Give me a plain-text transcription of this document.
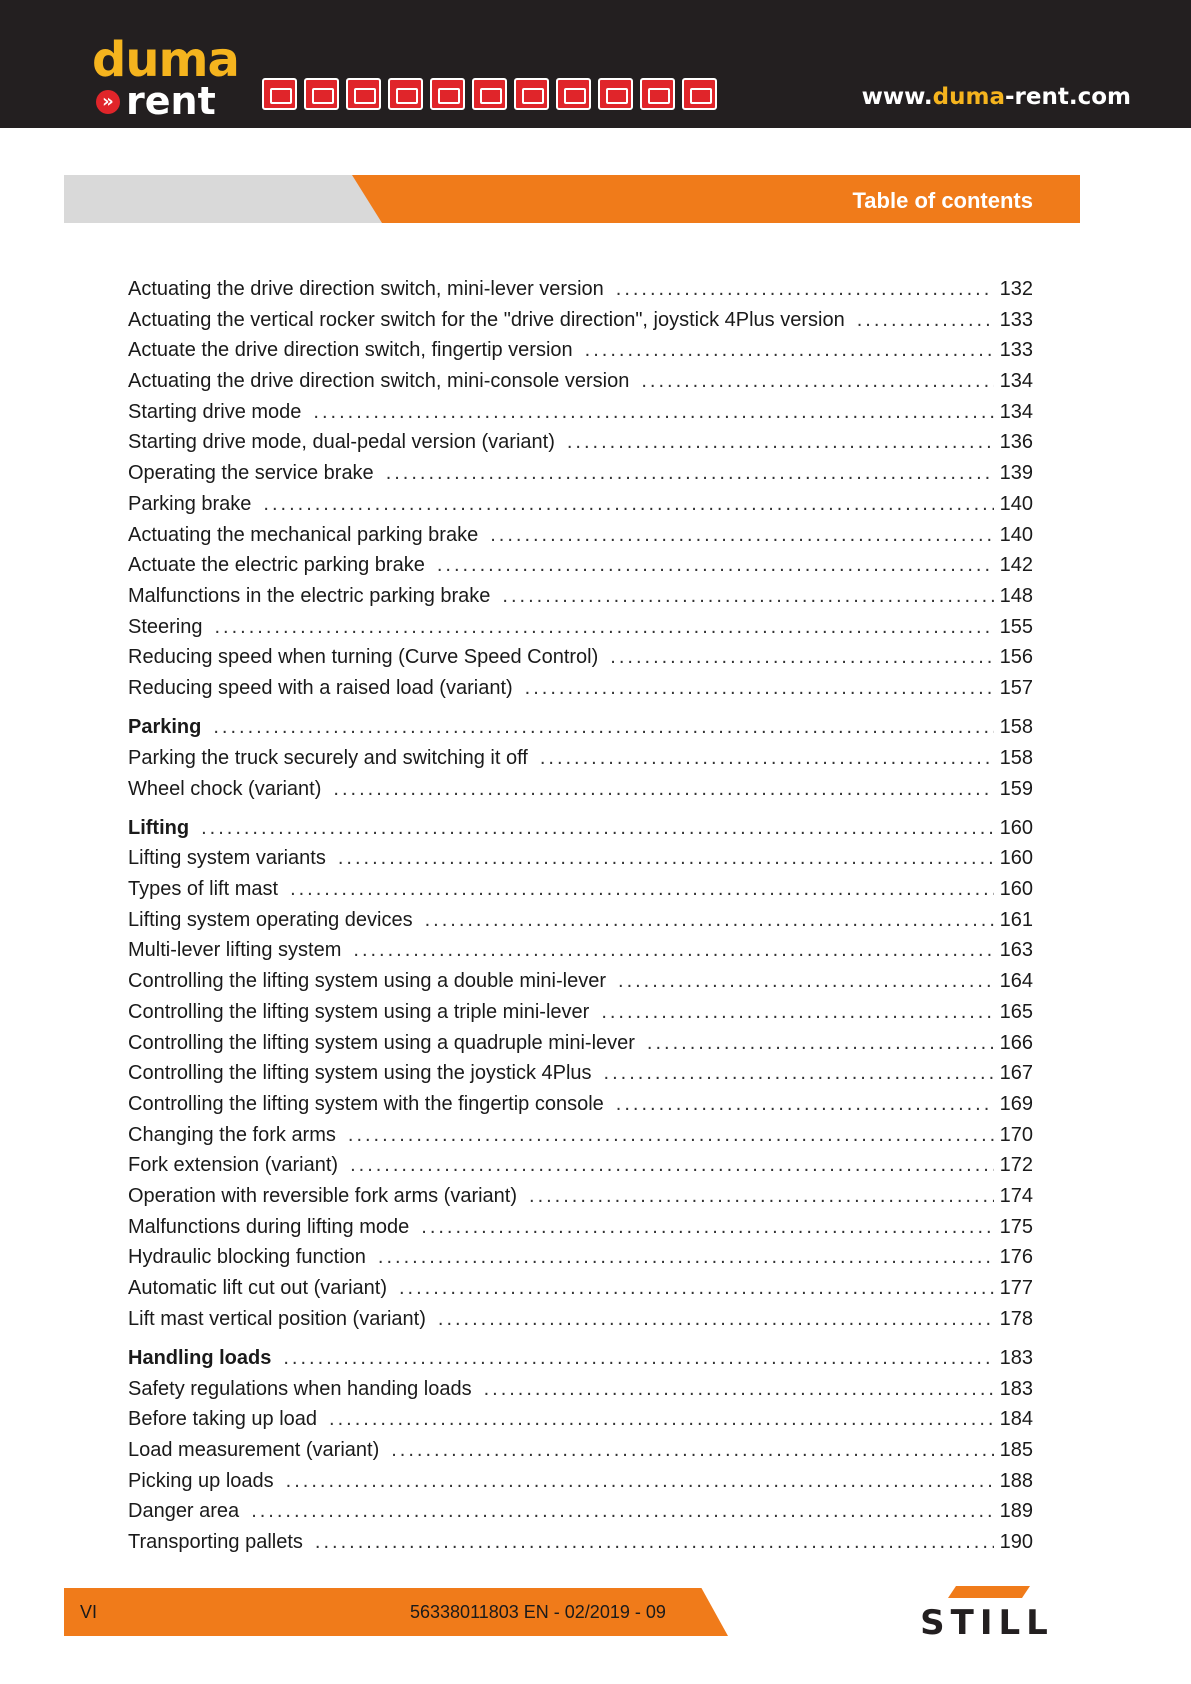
duma
» rent	www.duma-rent.com
Table of contents
Actuating the drive direction switch, mini-lever version .....	132
Actuating the vertical rocker switch for the "drive direction", joystick 4Plus version .....	133
Actuate the drive direction switch, fingertip version .....	133
Actuating the drive direction switch, mini-console version .....	134
Starting drive mode .....	134
Starting drive mode, dual-pedal version (variant) .....	136
Operating the service brake .....	139
Parking brake .....	140
Actuating the mechanical parking brake .....	140
Actuate the electric parking brake .....	142
Malfunctions in the electric parking brake .....	148
Steering .....	155
Reducing speed when turning (Curve Speed Control) .....	156
Reducing speed with a raised load (variant) .....	157
Parking .....	158
Parking the truck securely and switching it off .....	158
Wheel chock (variant) .....	159
Lifting .....	160
Lifting system variants .....	160
Types of lift mast .....	160
Lifting system operating devices .....	161
Multi-lever lifting system .....	163
Controlling the lifting system using a double mini-lever .....	164
Controlling the lifting system using a triple mini-lever .....	165
Controlling the lifting system using a quadruple mini-lever .....	166
Controlling the lifting system using the joystick 4Plus .....	167
Controlling the lifting system with the fingertip console .....	169
Changing the fork arms .....	170
Fork extension (variant) .....	172
Operation with reversible fork arms (variant) .....	174
Malfunctions during lifting mode .....	175
Hydraulic blocking function .....	176
Automatic lift cut out (variant) .....	177
Lift mast vertical position (variant) .....	178
Handling loads .....	183
Safety regulations when handing loads .....	183
Before taking up load .....	184
Load measurement (variant) .....	185
Picking up loads .....	188
Danger area .....	189
Transporting pallets .....	190
VI	56338011803 EN - 02/2019 - 09	STILL
